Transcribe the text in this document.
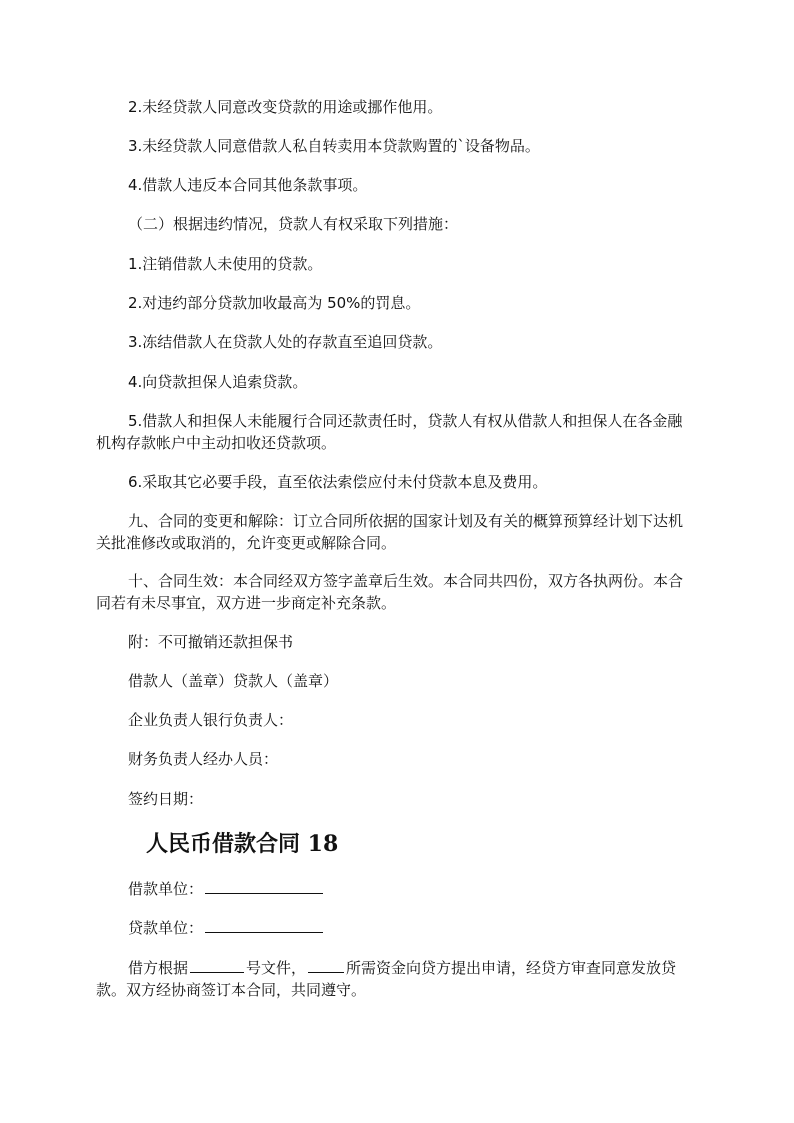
2.未经贷款人同意改变贷款的用途或挪作他用。

3.未经贷款人同意借款人私自转卖用本贷款购置的`设备物品。

4.借款人违反本合同其他条款事项。

（二）根据违约情况，贷款人有权采取下列措施：

1.注销借款人未使用的贷款。

2.对违约部分贷款加收最高为 50%的罚息。

3.冻结借款人在贷款人处的存款直至追回贷款。

4.向贷款担保人追索贷款。

5.借款人和担保人未能履行合同还款责任时，贷款人有权从借款人和担保人在各金融机构存款帐户中主动扣收还贷款项。

6.采取其它必要手段，直至依法索偿应付未付贷款本息及费用。

九、合同的变更和解除：订立合同所依据的国家计划及有关的概算预算经计划下达机关批准修改或取消的，允许变更或解除合同。

十、合同生效：本合同经双方签字盖章后生效。本合同共四份，双方各执两份。本合同若有未尽事宜，双方进一步商定补充条款。

附：不可撤销还款担保书

借款人（盖章）贷款人（盖章）

企业负责人银行负责人：

财务负责人经办人员：

签约日期：

人民币借款合同 18

借款单位：

贷款单位：

借方根据	号文件，	所需资金向贷方提出申请，经贷方审查同意发放贷款。双方经协商签订本合同，共同遵守。
